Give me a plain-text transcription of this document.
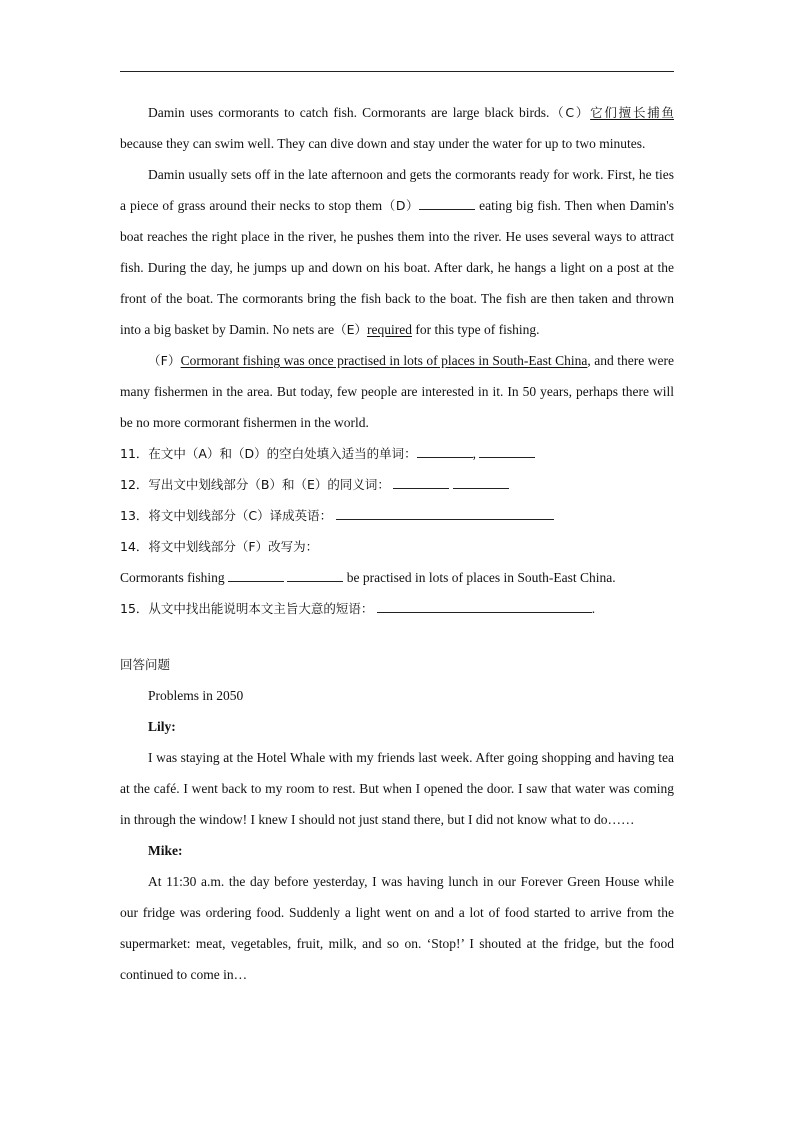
Damin uses cormorants to catch fish. Cormorants are large black birds.（C）它们擅长捕鱼 because they can swim well. They can dive down and stay under the water for up to two minutes.
Damin usually sets off in the late afternoon and gets the cormorants ready for work. First, he ties a piece of grass around their necks to stop them（D）	eating big fish. Then when Damin's boat reaches the right place in the river, he pushes them into the river. He uses several ways to attract fish. During the day, he jumps up and down on his boat. After dark, he hangs a light on a post at the front of the boat. The cormorants bring the fish back to the boat. The fish are then taken and thrown into a big basket by Damin. No nets are（E）required for this type of fishing.
（F）Cormorant fishing was once practised in lots of places in South-East China, and there were many fishermen in the area. But today, few people are interested in it. In 50 years, perhaps there will be no more cormorant fishermen in the world.
11．在文中（A）和（D）的空白处填入适当的单词：	,
12．写出文中划线部分（B）和（E）的同义词：
13．将文中划线部分（C）译成英语：
14．将文中划线部分（F）改写为：
Cormorants fishing	be practised in lots of places in South-East China.
15．从文中找出能说明本文主旨大意的短语：	.
回答问题
Problems in 2050
Lily:
I was staying at the Hotel Whale with my friends last week. After going shopping and having tea at the café. I went back to my room to rest. But when I opened the door. I saw that water was coming in through the window! I knew I should not just stand there, but I did not know what to do……
Mike:
At 11:30 a.m. the day before yesterday, I was having lunch in our Forever Green House while our fridge was ordering food. Suddenly a light went on and a lot of food started to arrive from the supermarket: meat, vegetables, fruit, milk, and so on. ‘Stop!’ I shouted at the fridge, but the food continued to come in…
